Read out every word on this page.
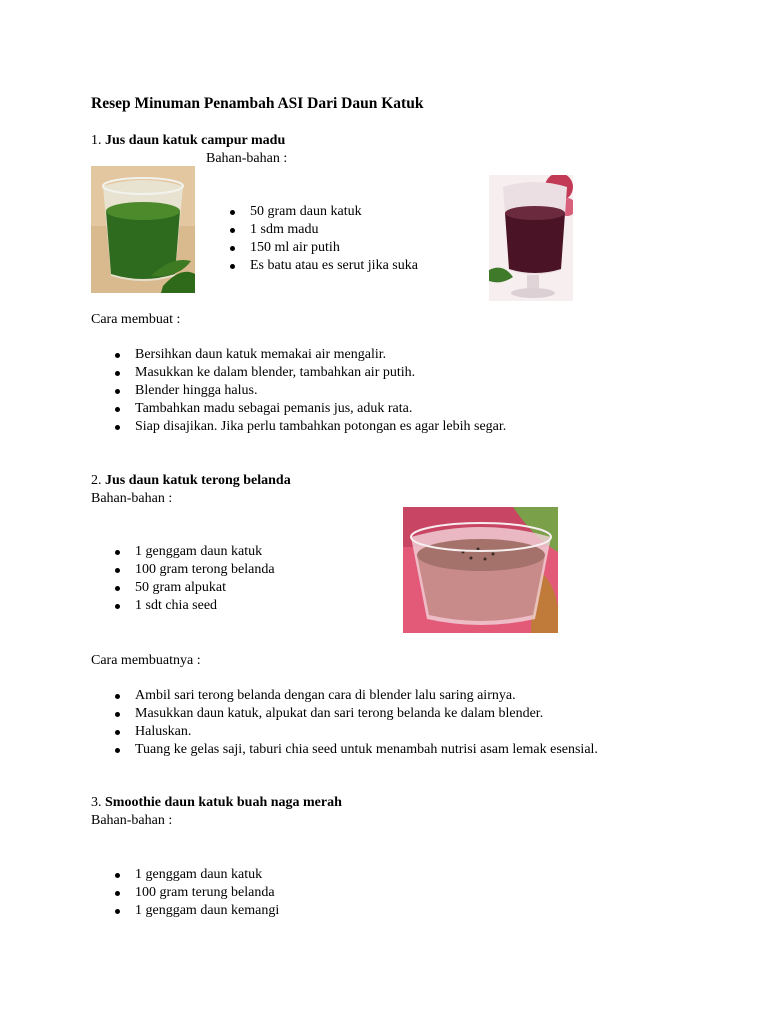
Resep Minuman Penambah ASI Dari Daun Katuk
1. Jus daun katuk campur madu
Bahan-bahan :
50 gram daun katuk
1 sdm madu
150 ml air putih
Es batu atau es serut jika suka
Cara membuat :
Bersihkan daun katuk memakai air mengalir.
Masukkan ke dalam blender, tambahkan air putih.
Blender hingga halus.
Tambahkan madu sebagai pemanis jus, aduk rata.
Siap disajikan. Jika perlu tambahkan potongan es agar lebih segar.
2. Jus daun katuk terong belanda
Bahan-bahan :
1 genggam daun katuk
100 gram terong belanda
50 gram alpukat
1 sdt chia seed
Cara membuatnya :
Ambil sari terong belanda dengan cara di blender lalu saring airnya.
Masukkan daun katuk, alpukat dan sari terong belanda ke dalam blender.
Haluskan.
Tuang ke gelas saji, taburi chia seed untuk menambah nutrisi asam lemak esensial.
3. Smoothie daun katuk buah naga merah
Bahan-bahan :
1 genggam daun katuk
100 gram terung belanda
1 genggam daun kemangi
